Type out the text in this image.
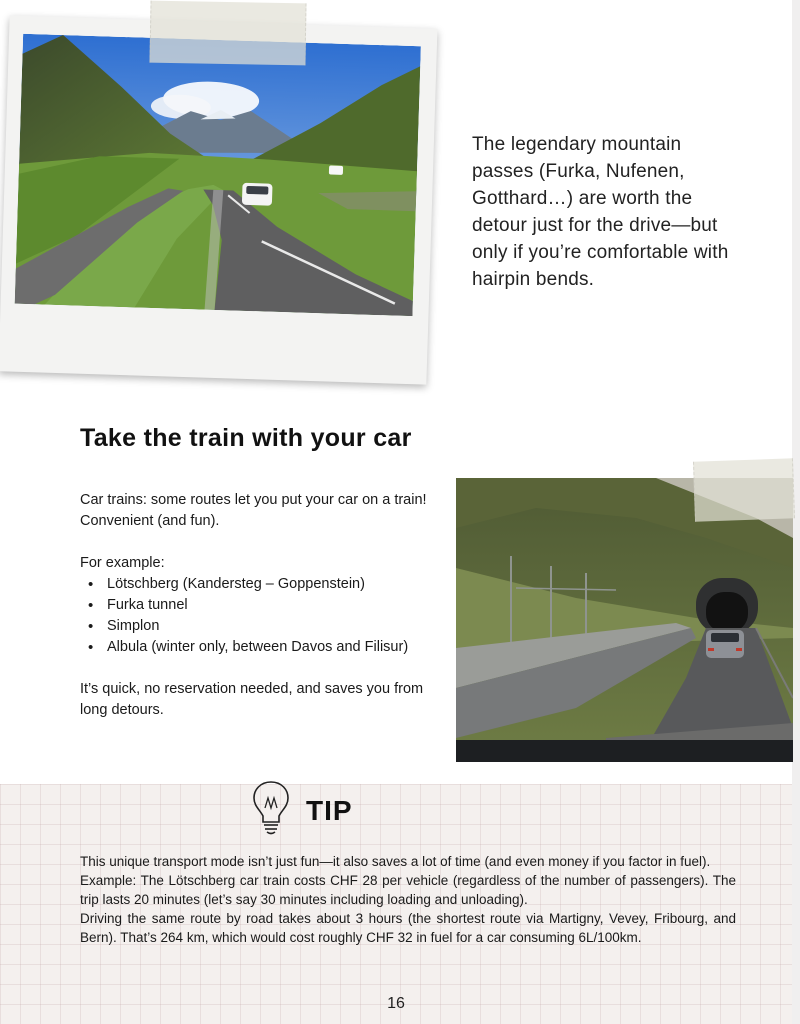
The legendary mountain passes (Furka, Nufenen, Gotthard…) are worth the detour just for the drive—but only if you’re comfortable with hairpin bends.
Take the train with your car

Car trains: some routes let you put your car on a train! Convenient (and fun).

For example:

• Lötschberg (Kandersteg – Goppenstein)
• Furka tunnel
• Simplon
• Albula (winter only, between Davos and Filisur)

It’s quick, no reservation needed, and saves you from long detours.

TIP

This unique transport mode isn’t just fun—it also saves a lot of time (and even money if you factor in fuel).

Example: The Lötschberg car train costs CHF 28 per vehicle (regardless of the number of passengers). The trip lasts 20 minutes (let’s say 30 minutes including loading and unloading).

Driving the same route by road takes about 3 hours (the shortest route via Martigny, Vevey, Fribourg, and Bern). That’s 264 km, which would cost roughly CHF 32 in fuel for a car consuming 6L/100km.

16
